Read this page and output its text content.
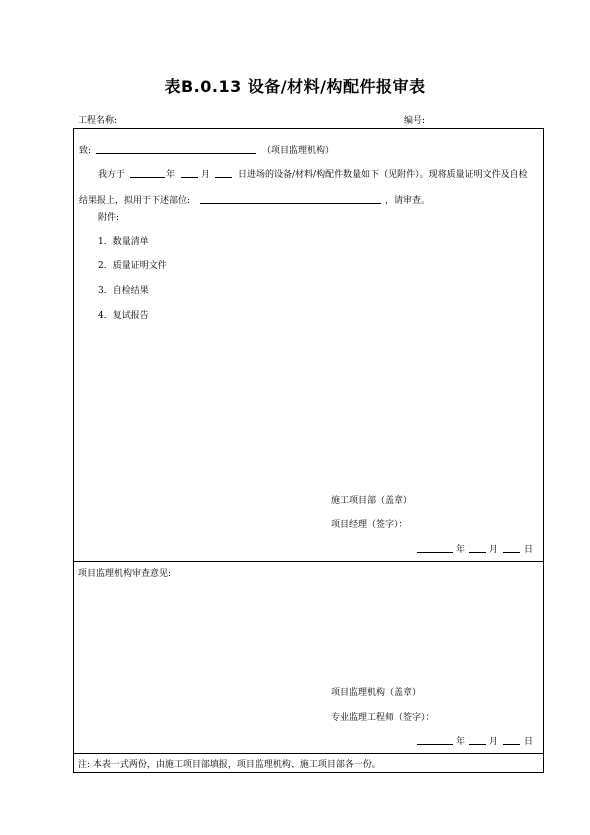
表B.0.13 设备/材料/构配件报审表
工程名称:	编号:
致:	（项目监理机构）
我方于	年	月	日进场的设备/材料/构配件数量如下（见附件）。现将质量证明文件及自检
结果报上，拟用于下述部位:	，请审查。
附件:
1．数量清单
2．质量证明文件
3．自检结果
4．复试报告
施工项目部（盖章）
项目经理（签字）：
年	月	日
项目监理机构审查意见:
项目监理机构（盖章）
专业监理工程师（签字）：
年	月	日
注: 本表一式两份，由施工项目部填报，项目监理机构、施工项目部各一份。
